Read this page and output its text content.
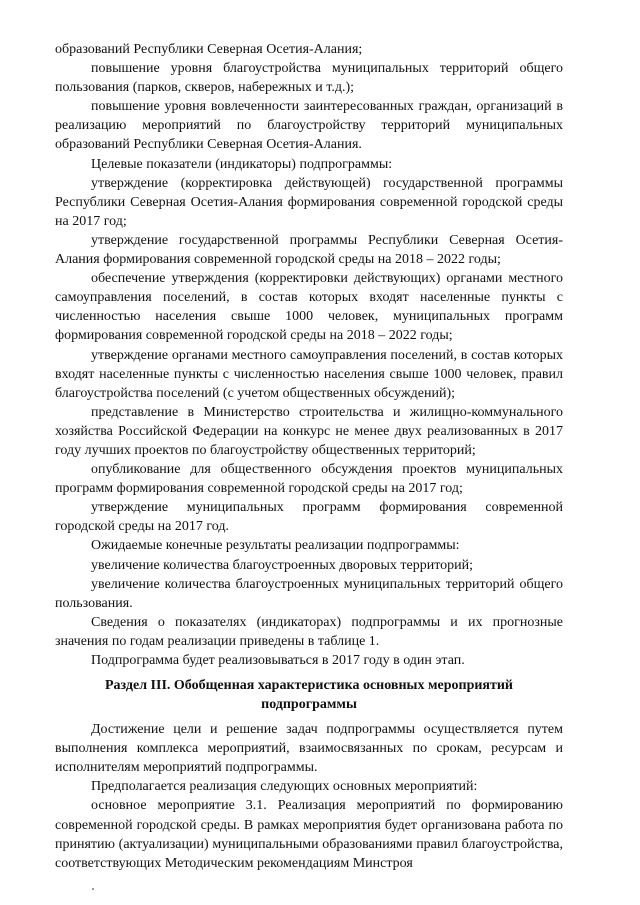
образований Республики Северная Осетия-Алания;

повышение уровня благоустройства муниципальных территорий общего пользования (парков, скверов, набережных и т.д.);

повышение уровня вовлеченности заинтересованных граждан, организаций в реализацию мероприятий по благоустройству территорий муниципальных образований Республики Северная Осетия-Алания.

Целевые показатели (индикаторы) подпрограммы:

утверждение (корректировка действующей) государственной программы Республики Северная Осетия-Алания формирования современной городской среды на 2017 год;

утверждение государственной программы Республики Северная Осетия-Алания формирования современной городской среды на 2018 – 2022 годы;

обеспечение утверждения (корректировки действующих) органами местного самоуправления поселений, в состав которых входят населенные пункты с численностью населения свыше 1000 человек, муниципальных программ формирования современной городской среды на 2018 – 2022 годы;

утверждение органами местного самоуправления поселений, в состав которых входят населенные пункты с численностью населения свыше 1000 человек, правил благоустройства поселений (с учетом общественных обсуждений);

представление в Министерство строительства и жилищно-коммунального хозяйства Российской Федерации на конкурс не менее двух реализованных в 2017 году лучших проектов по благоустройству общественных территорий;

опубликование для общественного обсуждения проектов муниципальных программ формирования современной городской среды на 2017 год;

утверждение муниципальных программ формирования современной городской среды на 2017 год.

Ожидаемые конечные результаты реализации подпрограммы:

увеличение количества благоустроенных дворовых территорий;

увеличение количества благоустроенных муниципальных территорий общего пользования.

Сведения о показателях (индикаторах) подпрограммы и их прогнозные значения по годам реализации приведены в таблице 1.

Подпрограмма будет реализовываться в 2017 году в один этап.

Раздел III. Обобщенная характеристика основных мероприятий подпрограммы

Достижение цели и решение задач подпрограммы осуществляется путем выполнения комплекса мероприятий, взаимосвязанных по срокам, ресурсам и исполнителям мероприятий подпрограммы.

Предполагается реализация следующих основных мероприятий:

основное мероприятие 3.1. Реализация мероприятий по формированию современной городской среды. В рамках мероприятия будет организована работа по принятию (актуализации) муниципальными образованиями правил благоустройства, соответствующих Методическим рекомендациям Минстроя
